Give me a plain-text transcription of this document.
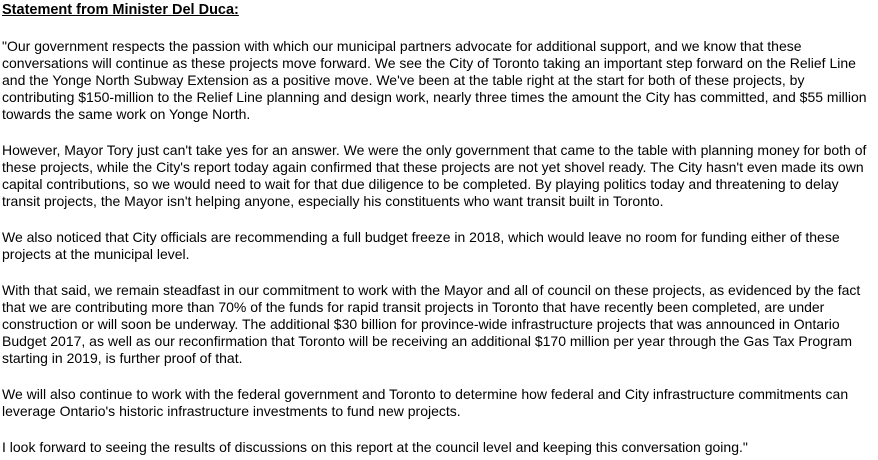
Statement from Minister Del Duca:

"Our government respects the passion with which our municipal partners advocate for additional support, and we know that these conversations will continue as these projects move forward. We see the City of Toronto taking an important step forward on the Relief Line and the Yonge North Subway Extension as a positive move. We've been at the table right at the start for both of these projects, by contributing $150-million to the Relief Line planning and design work, nearly three times the amount the City has committed, and $55 million towards the same work on Yonge North.

However, Mayor Tory just can't take yes for an answer. We were the only government that came to the table with planning money for both of these projects, while the City's report today again confirmed that these projects are not yet shovel ready. The City hasn't even made its own capital contributions, so we would need to wait for that due diligence to be completed. By playing politics today and threatening to delay transit projects, the Mayor isn't helping anyone, especially his constituents who want transit built in Toronto.

We also noticed that City officials are recommending a full budget freeze in 2018, which would leave no room for funding either of these projects at the municipal level.

With that said, we remain steadfast in our commitment to work with the Mayor and all of council on these projects, as evidenced by the fact that we are contributing more than 70% of the funds for rapid transit projects in Toronto that have recently been completed, are under construction or will soon be underway. The additional $30 billion for province-wide infrastructure projects that was announced in Ontario Budget 2017, as well as our reconfirmation that Toronto will be receiving an additional $170 million per year through the Gas Tax Program starting in 2019, is further proof of that.

We will also continue to work with the federal government and Toronto to determine how federal and City infrastructure commitments can leverage Ontario's historic infrastructure investments to fund new projects.

I look forward to seeing the results of discussions on this report at the council level and keeping this conversation going."
